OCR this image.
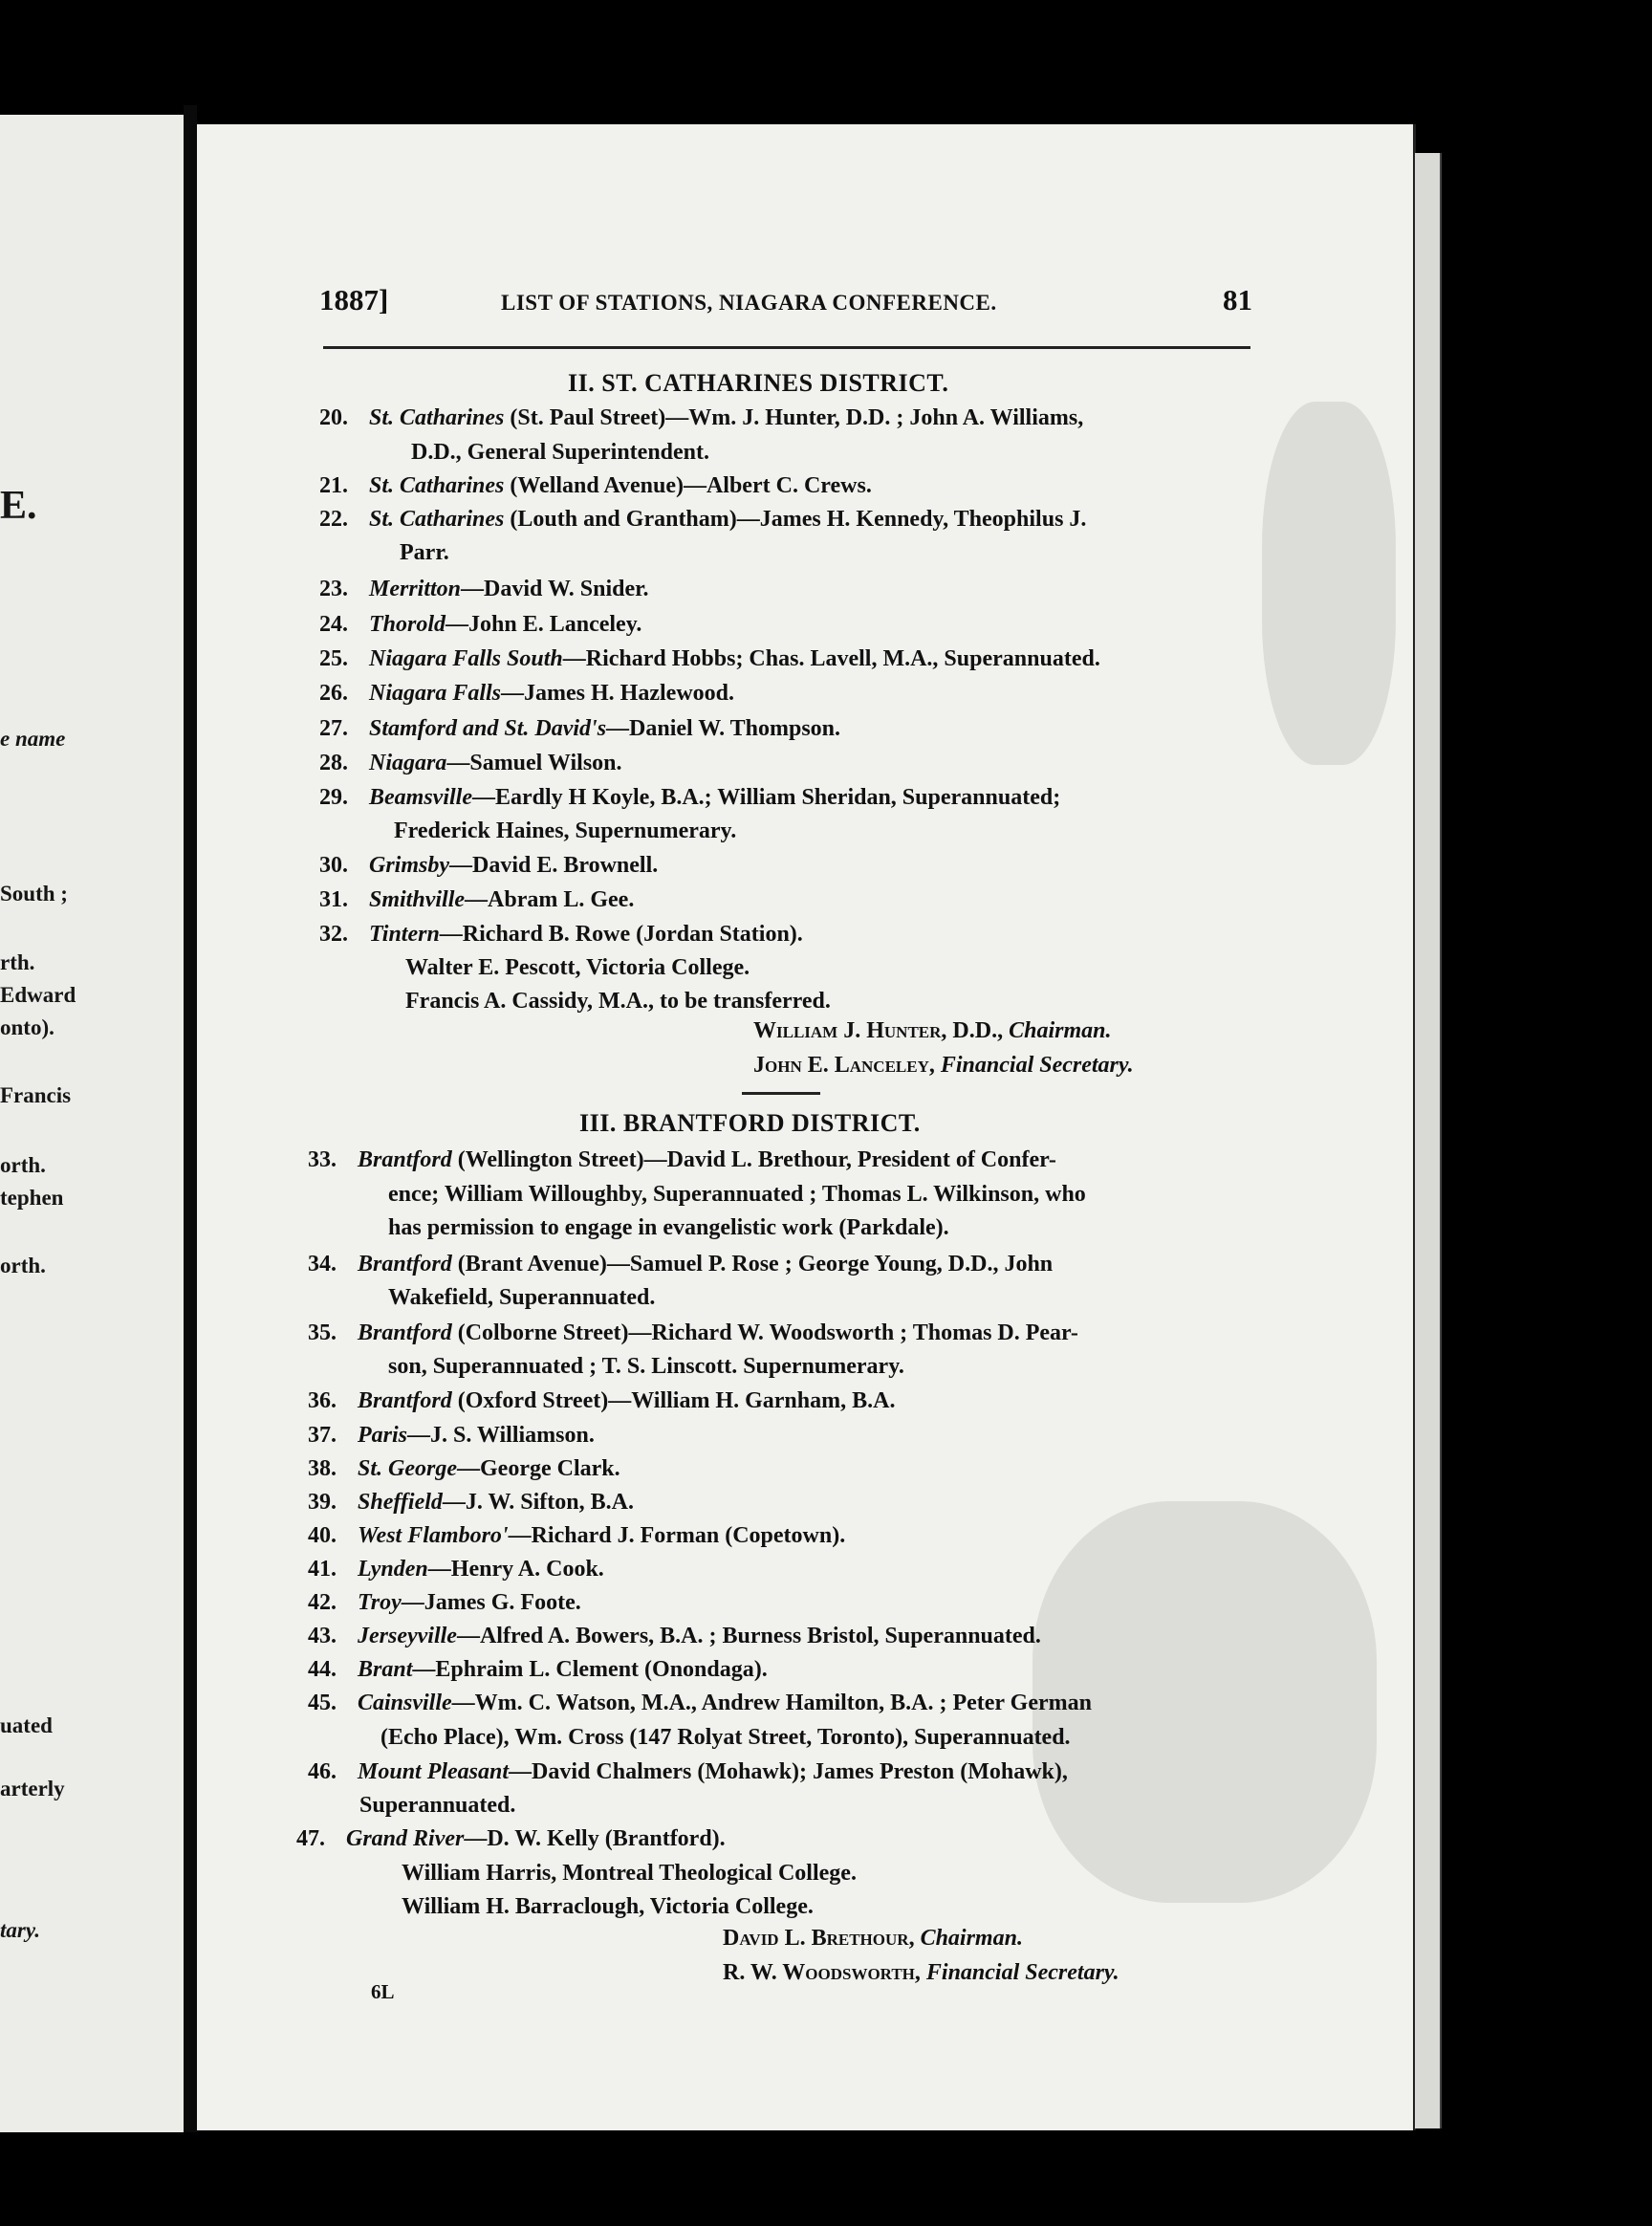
E.
e name
South ;
rth.
Edward
onto).
Francis
orth.
tephen
orth.
uated
arterly
tary.
1887]	LIST OF STATIONS, NIAGARA CONFERENCE.	81
II. ST. CATHARINES DISTRICT.
20. St. Catharines (St. Paul Street)—Wm. J. Hunter, D.D. ; John A. Williams,
D.D., General Superintendent.
21. St. Catharines (Welland Avenue)—Albert C. Crews.
22. St. Catharines (Louth and Grantham)—James H. Kennedy, Theophilus J.
Parr.
23. Merritton—David W. Snider.
24. Thorold—John E. Lanceley.
25. Niagara Falls South—Richard Hobbs; Chas. Lavell, M.A., Superannuated.
26. Niagara Falls—James H. Hazlewood.
27. Stamford and St. David's—Daniel W. Thompson.
28. Niagara—Samuel Wilson.
29. Beamsville—Eardly H Koyle, B.A.; William Sheridan, Superannuated;
Frederick Haines, Supernumerary.
30. Grimsby—David E. Brownell.
31. Smithville—Abram L. Gee.
32. Tintern—Richard B. Rowe (Jordan Station).
Walter E. Pescott, Victoria College.
Francis A. Cassidy, M.A., to be transferred.
William J. Hunter, D.D., Chairman.
John E. Lanceley, Financial Secretary.
III. BRANTFORD DISTRICT.
33. Brantford (Wellington Street)—David L. Brethour, President of Confer-
ence; William Willoughby, Superannuated ; Thomas L. Wilkinson, who
has permission to engage in evangelistic work (Parkdale).
34. Brantford (Brant Avenue)—Samuel P. Rose ; George Young, D.D., John
Wakefield, Superannuated.
35. Brantford (Colborne Street)—Richard W. Woodsworth ; Thomas D. Pear-
son, Superannuated ; T. S. Linscott. Supernumerary.
36. Brantford (Oxford Street)—William H. Garnham, B.A.
37. Paris—J. S. Williamson.
38. St. George—George Clark.
39. Sheffield—J. W. Sifton, B.A.
40. West Flamboro'—Richard J. Forman (Copetown).
41. Lynden—Henry A. Cook.
42. Troy—James G. Foote.
43. Jerseyville—Alfred A. Bowers, B.A. ; Burness Bristol, Superannuated.
44. Brant—Ephraim L. Clement (Onondaga).
45. Cainsville—Wm. C. Watson, M.A., Andrew Hamilton, B.A. ; Peter German
(Echo Place), Wm. Cross (147 Rolyat Street, Toronto), Superannuated.
46. Mount Pleasant—David Chalmers (Mohawk); James Preston (Mohawk),
Superannuated.
47. Grand River—D. W. Kelly (Brantford).
William Harris, Montreal Theological College.
William H. Barraclough, Victoria College.
David L. Brethour, Chairman.
R. W. Woodsworth, Financial Secretary.
6L
